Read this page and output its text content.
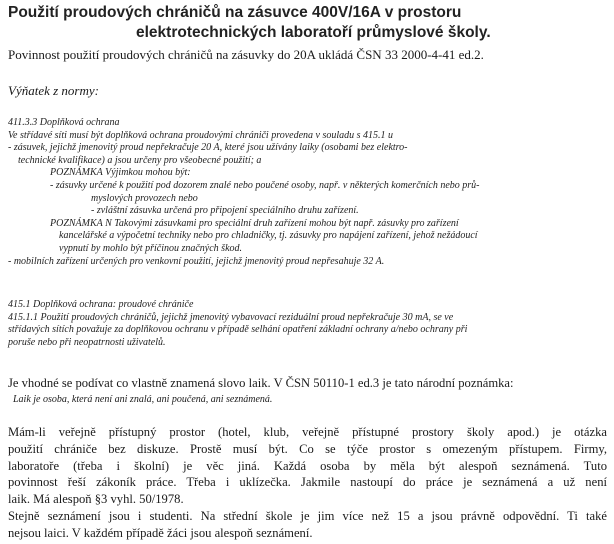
Použití proudových chráničů na zásuvce 400V/16A v prostoru
elektrotechnických laboratoří průmyslové školy.
Povinnost použití proudových chráničů na zásuvky do 20A ukládá ČSN 33 2000-4-41 ed.2.
Výňatek z normy:
411.3.3 Doplňková ochrana
Ve střídavé síti musí být doplňková ochrana proudovými chrániči provedena v souladu s 415.1 u
- zásuvek, jejichž jmenovitý proud nepřekračuje 20 A, které jsou užívány laiky (osobami bez elektro-
technické kvalifikace) a jsou určeny pro všeobecné použití; a
POZNÁMKA Výjimkou mohou být:
- zásuvky určené k použití pod dozorem znalé nebo poučené osoby, např. v některých komerčních nebo prů-
myslových provozech nebo
- zvláštní zásuvka určená pro připojení speciálního druhu zařízení.
POZNÁMKA N Takovými zásuvkami pro speciální druh zařízení mohou být např. zásuvky pro zařízení
kancelářské a výpočetní techniky nebo pro chladničky, tj. zásuvky pro napájení zařízení, jehož nežádoucí
vypnutí by mohlo být příčinou značných škod.
- mobilních zařízení určených pro venkovní použití, jejichž jmenovitý proud nepřesahuje 32 A.
415.1 Doplňková ochrana: proudové chrániče
415.1.1 Použití proudových chráničů, jejichž jmenovitý vybavovací reziduální proud nepřekračuje 30 mA, se ve
střídavých sítích považuje za doplňkovou ochranu v případě selhání opatření základní ochrany a/nebo ochrany při
poruše nebo při neopatrnosti uživatelů.
Je vhodné se podívat co vlastně znamená slovo laik. V ČSN 50110-1 ed.3 je tato národní poznámka:
Laik je osoba, která není ani znalá, ani poučená, ani seznámená.
Mám-li veřejně přístupný prostor (hotel, klub, veřejně přístupné prostory školy apod.) je otázka
použití chrániče bez diskuze. Prostě musí být. Co se týče prostor s omezeným přístupem. Firmy,
laboratoře (třeba i školní) je věc jiná. Každá osoba by měla být alespoň seznámená. Tuto
povinnost řeší zákoník práce. Třeba i uklízečka. Jakmile nastoupí do práce je seznámená a už není
laik. Má alespoň §3 vyhl. 50/1978.
Stejně seznámení jsou i studenti. Na střední škole je jim více než 15 a jsou právně odpovědní. Ti také
nejsou laici. V každém případě žáci jsou alespoň seznámení.
